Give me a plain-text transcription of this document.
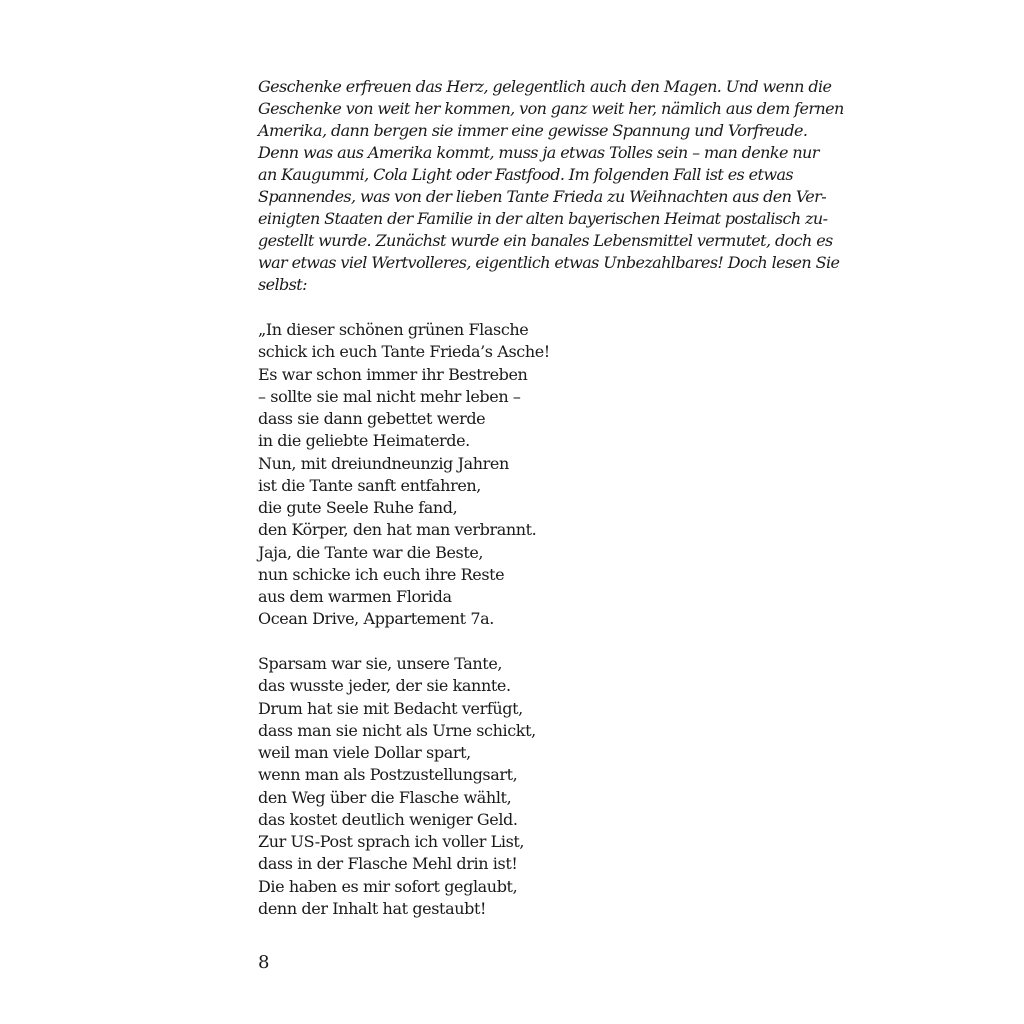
Geschenke erfreuen das Herz, gelegentlich auch den Magen. Und wenn die
Geschenke von weit her kommen, von ganz weit her, nämlich aus dem fernen
Amerika, dann bergen sie immer eine gewisse Spannung und Vorfreude.
Denn was aus Amerika kommt, muss ja etwas Tolles sein – man denke nur
an Kaugummi, Cola Light oder Fastfood. Im folgenden Fall ist es etwas
Spannendes, was von der lieben Tante Frieda zu Weihnachten aus den Ver-
einigten Staaten der Familie in der alten bayerischen Heimat postalisch zu-
gestellt wurde. Zunächst wurde ein banales Lebensmittel vermutet, doch es
war etwas viel Wertvolleres, eigentlich etwas Unbezahlbares! Doch lesen Sie
selbst:
„In dieser schönen grünen Flasche
schick ich euch Tante Frieda’s Asche!
Es war schon immer ihr Bestreben
– sollte sie mal nicht mehr leben –
dass sie dann gebettet werde
in die geliebte Heimaterde.
Nun, mit dreiundneunzig Jahren
ist die Tante sanft entfahren,
die gute Seele Ruhe fand,
den Körper, den hat man verbrannt.
Jaja, die Tante war die Beste,
nun schicke ich euch ihre Reste
aus dem warmen Florida
Ocean Drive, Appartement 7a.
Sparsam war sie, unsere Tante,
das wusste jeder, der sie kannte.
Drum hat sie mit Bedacht verfügt,
dass man sie nicht als Urne schickt,
weil man viele Dollar spart,
wenn man als Postzustellungsart,
den Weg über die Flasche wählt,
das kostet deutlich weniger Geld.
Zur US-Post sprach ich voller List,
dass in der Flasche Mehl drin ist!
Die haben es mir sofort geglaubt,
denn der Inhalt hat gestaubt!
8
